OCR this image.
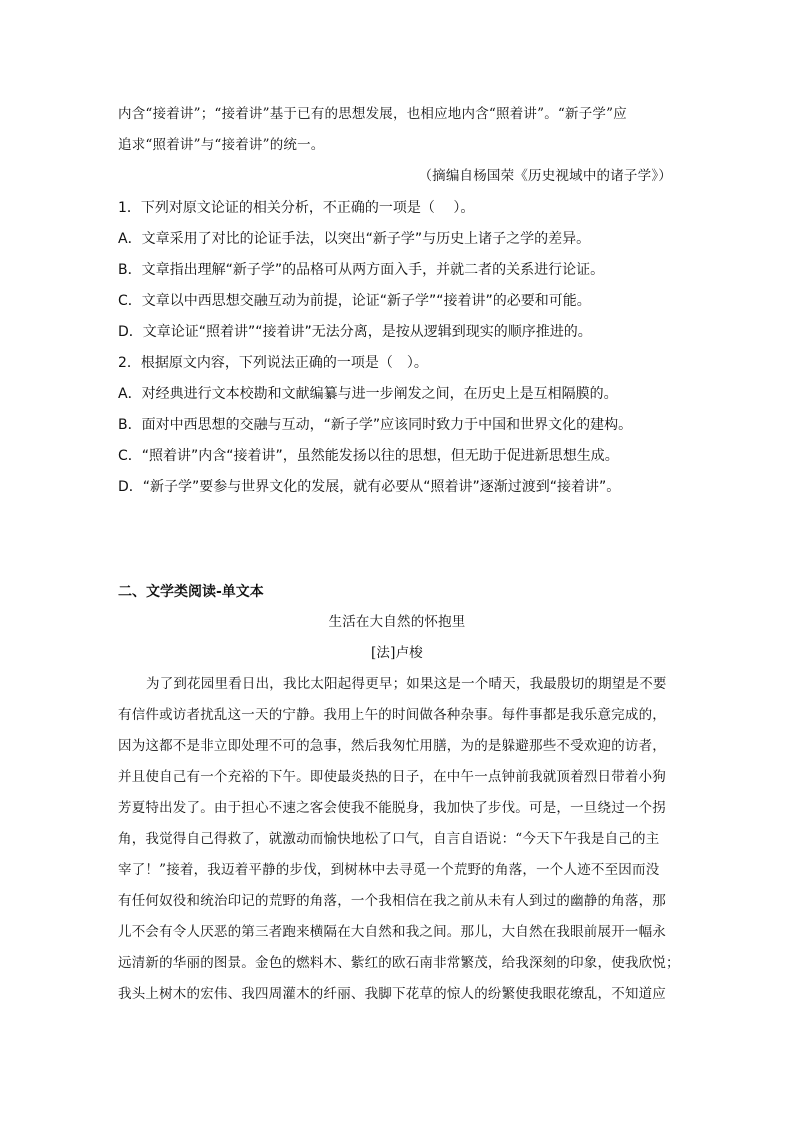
内含“接着讲”；“接着讲”基于已有的思想发展，也相应地内含“照着讲”。“新子学”应
追求“照着讲”与“接着讲”的统一。
（摘编自杨国荣《历史视域中的诸子学》）
1．下列对原文论证的相关分析，不正确的一项是（　 ）。
A．文章采用了对比的论证手法，以突出“新子学”与历史上诸子之学的差异。
B．文章指出理解“新子学”的品格可从两方面入手，并就二者的关系进行论证。
C．文章以中西思想交融互动为前提，论证“新子学”“接着讲”的必要和可能。
D．文章论证“照着讲”“接着讲”无法分离，是按从逻辑到现实的顺序推进的。
2．根据原文内容，下列说法正确的一项是（　）。
A．对经典进行文本校勘和文献编纂与进一步阐发之间，在历史上是互相隔膜的。
B．面对中西思想的交融与互动，“新子学”应该同时致力于中国和世界文化的建构。
C．“照着讲”内含“接着讲”，虽然能发扬以往的思想，但无助于促进新思想生成。
D．“新子学”要参与世界文化的发展，就有必要从“照着讲”逐渐过渡到“接着讲”。
二、文学类阅读-单文本
生活在大自然的怀抱里
[法]卢梭
为了到花园里看日出，我比太阳起得更早；如果这是一个晴天，我最殷切的期望是不要
有信件或访者扰乱这一天的宁静。我用上午的时间做各种杂事。每件事都是我乐意完成的，
因为这都不是非立即处理不可的急事，然后我匆忙用膳，为的是躲避那些不受欢迎的访者，
并且使自己有一个充裕的下午。即使最炎热的日子，在中午一点钟前我就顶着烈日带着小狗
芳夏特出发了。由于担心不速之客会使我不能脱身，我加快了步伐。可是，一旦绕过一个拐
角，我觉得自己得救了，就激动而愉快地松了口气，自言自语说：“今天下午我是自己的主
宰了！”接着，我迈着平静的步伐，到树林中去寻觅一个荒野的角落，一个人迹不至因而没
有任何奴役和统治印记的荒野的角落，一个我相信在我之前从未有人到过的幽静的角落，那
儿不会有令人厌恶的第三者跑来横隔在大自然和我之间。那儿，大自然在我眼前展开一幅永
远清新的华丽的图景。金色的燃料木、紫红的欧石南非常繁茂，给我深刻的印象，使我欣悦；
我头上树木的宏伟、我四周灌木的纤丽、我脚下花草的惊人的纷繁使我眼花缭乱，不知道应
